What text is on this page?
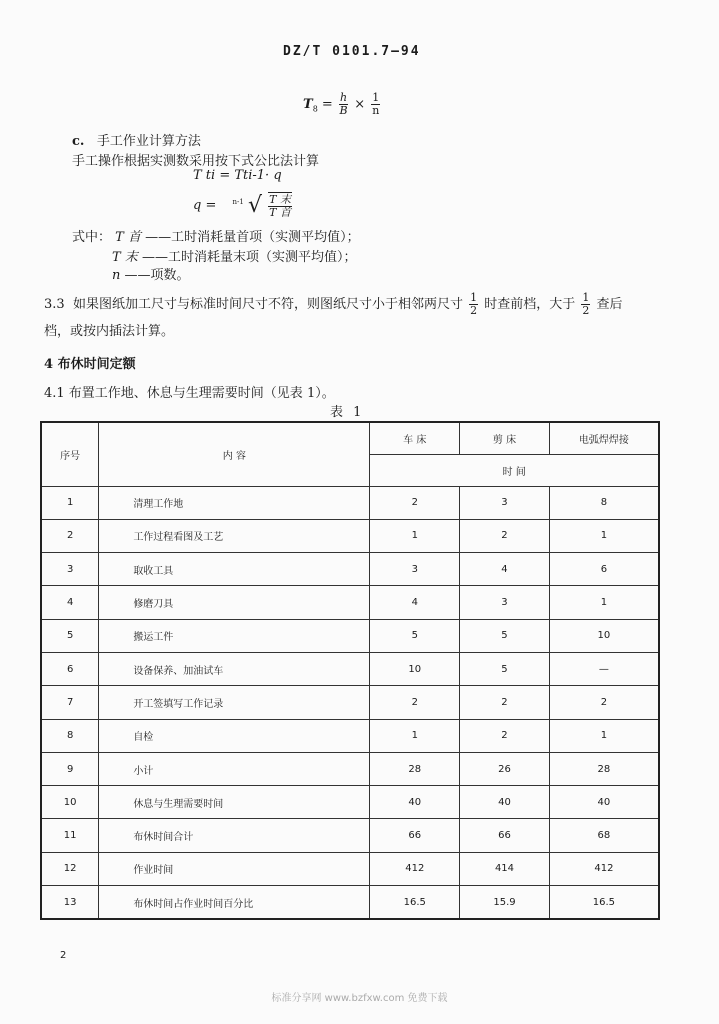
DZ/T 0101.7—94
$T_8 = \frac{h}{B} \times \frac{1}{n}$
c. 手工作业计算方法
手工操作根据实测数采用按下式公比法计算
T ti = Tti-1· q
q = $^{n-1}$ √ $\frac{\text{T 末}}{\text{T 首}}$
式中： T 首 ——工时消耗量首项（实测平均值）；
T 末 ——工时消耗量末项（实测平均值）；
n ——项数。
3.3 如果图纸加工尺寸与标准时间尺寸不符，则图纸尺寸小于相邻两尺寸 $\frac{1}{2}$ 时查前档，大于 $\frac{1}{2}$ 查后
档，或按内插法计算。
4 布休时间定额
4.1 布置工作地、休息与生理需要时间（见表 1）。
表 1
序号	内 容	车 床	剪 床	电弧焊焊接
		时 间		
1	清理工作地	2	3	8
2	工作过程看图及工艺	1	2	1
3	取收工具	3	4	6
4	修磨刀具	4	3	1
5	搬运工件	5	5	10
6	设备保养、加油试车	10	5	—
7	开工签填写工作记录	2	2	2
8	自检	1	2	1
9	小计	28	26	28
10	休息与生理需要时间	40	40	40
11	布休时间合计	66	66	68
12	作业时间	412	414	412
13	布休时间占作业时间百分比	16.5	15.9	16.5
2
标准分享网 www.bzfxw.com 免费下载
